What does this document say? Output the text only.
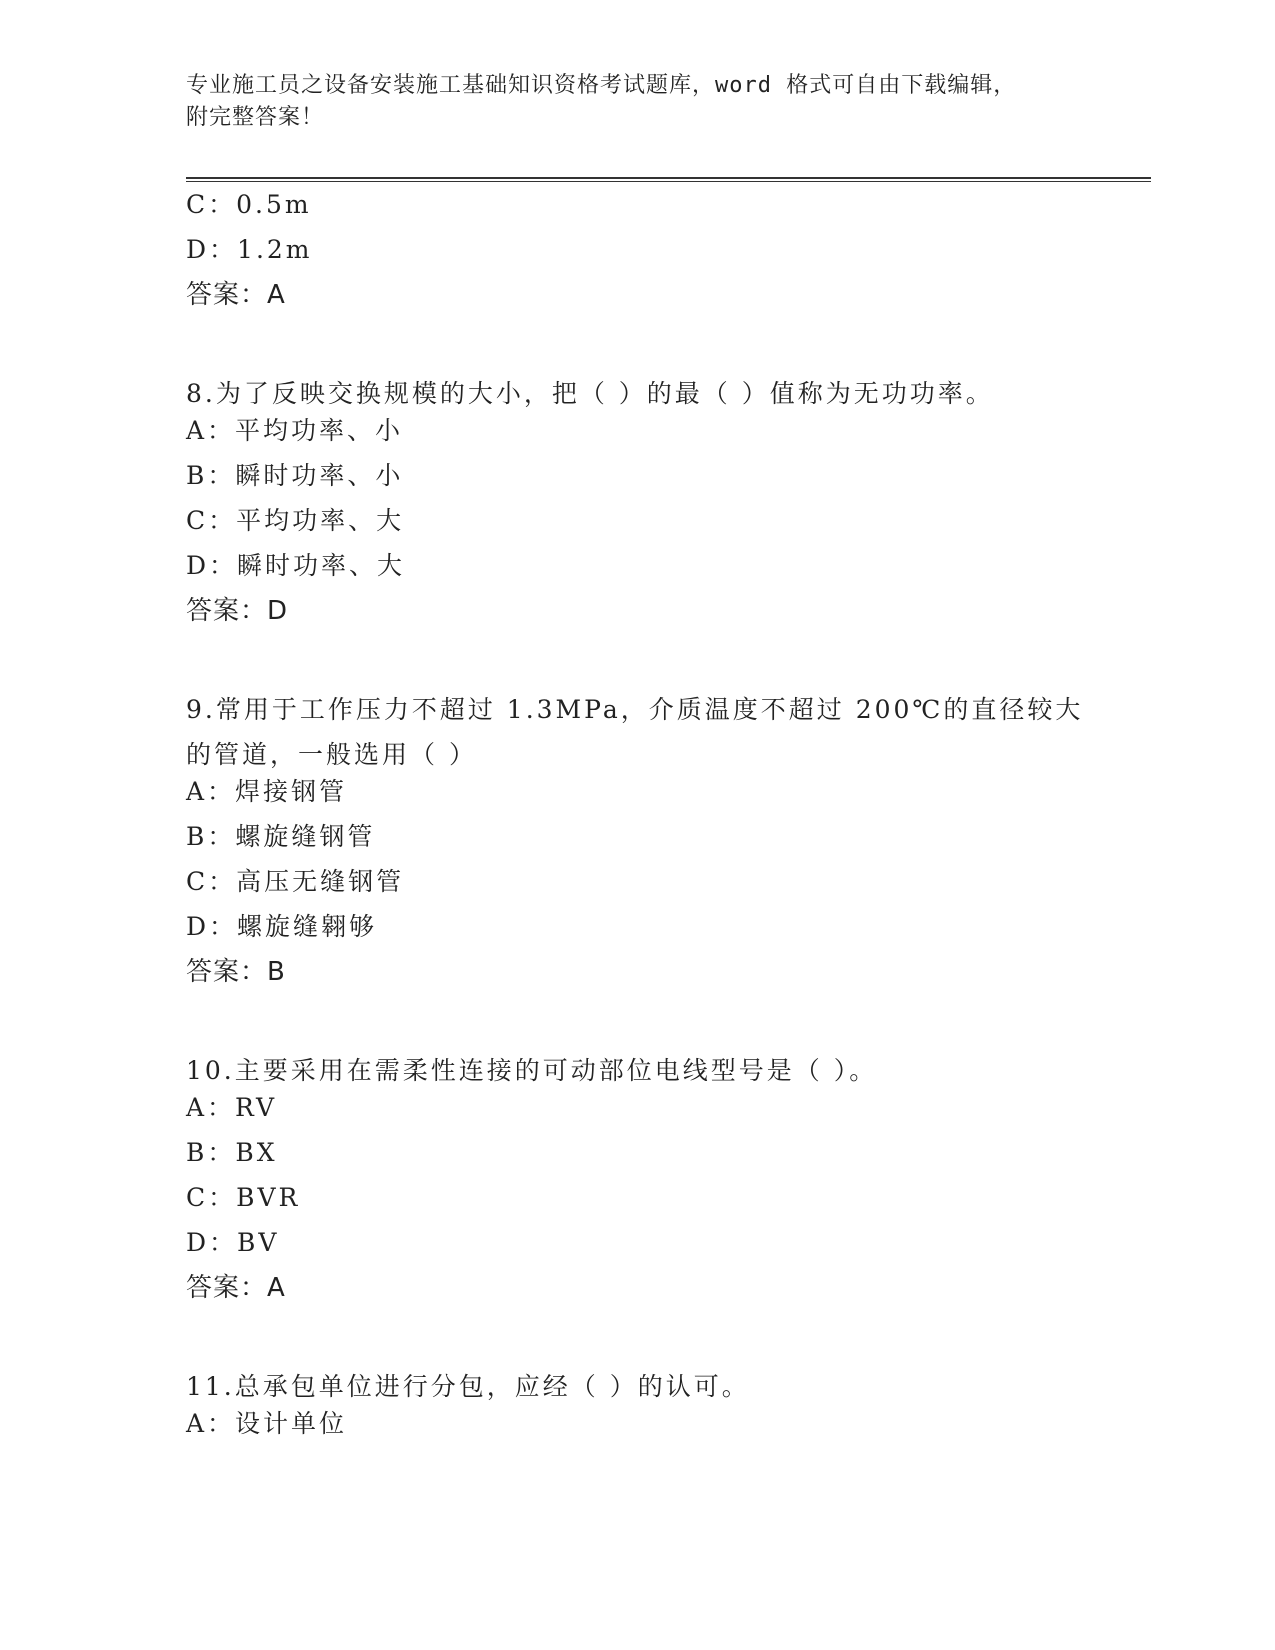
专业施工员之设备安装施工基础知识资格考试题库，word 格式可自由下载编辑，
附完整答案！
C：0.5m
D：1.2m
答案：A
8.为了反映交换规模的大小，把（ ）的最（ ）值称为无功功率。
A：平均功率、小
B：瞬时功率、小
C：平均功率、大
D：瞬时功率、大
答案：D
9.常用于工作压力不超过 1.3MPa，介质温度不超过 200℃的直径较大的管道，一般选用（ ）
A：焊接钢管
B：螺旋缝钢管
C：高压无缝钢管
D：螺旋缝翱够
答案：B
10.主要采用在需柔性连接的可动部位电线型号是（ ）。
A：RV
B：BX
C：BVR
D：BV
答案：A
11.总承包单位进行分包，应经（ ）的认可。
A：设计单位
